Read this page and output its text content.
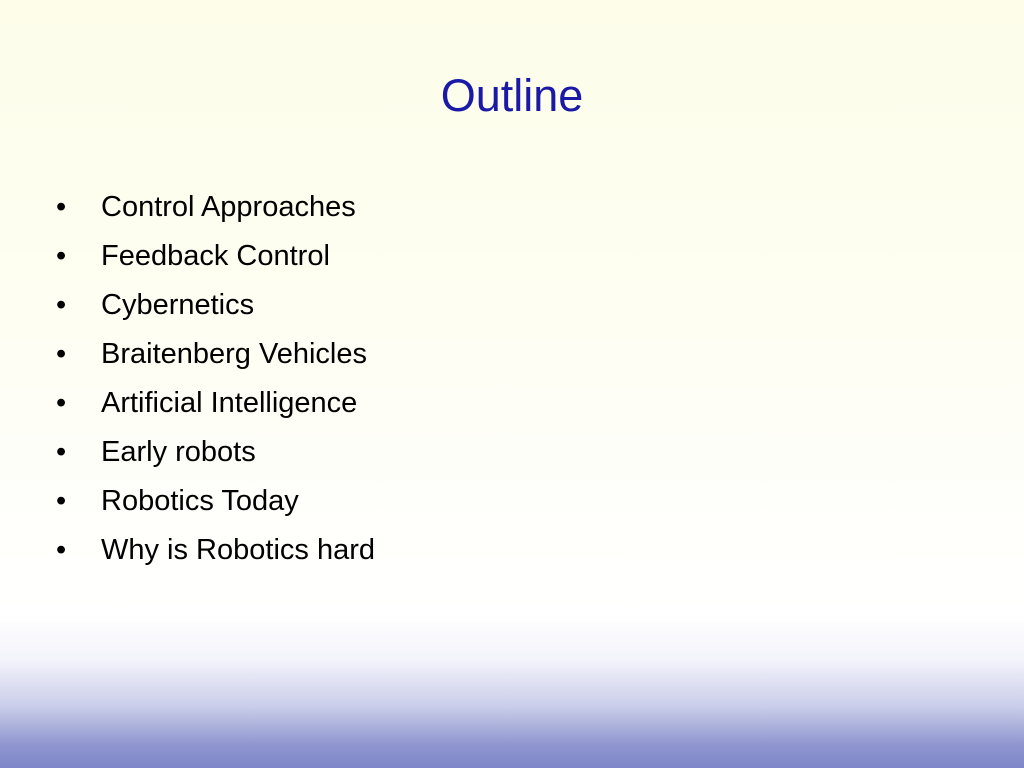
Outline
•	Control Approaches
•	Feedback Control
•	Cybernetics
•	Braitenberg Vehicles
•	Artificial Intelligence
•	Early robots
•	Robotics Today
•	Why is Robotics hard
